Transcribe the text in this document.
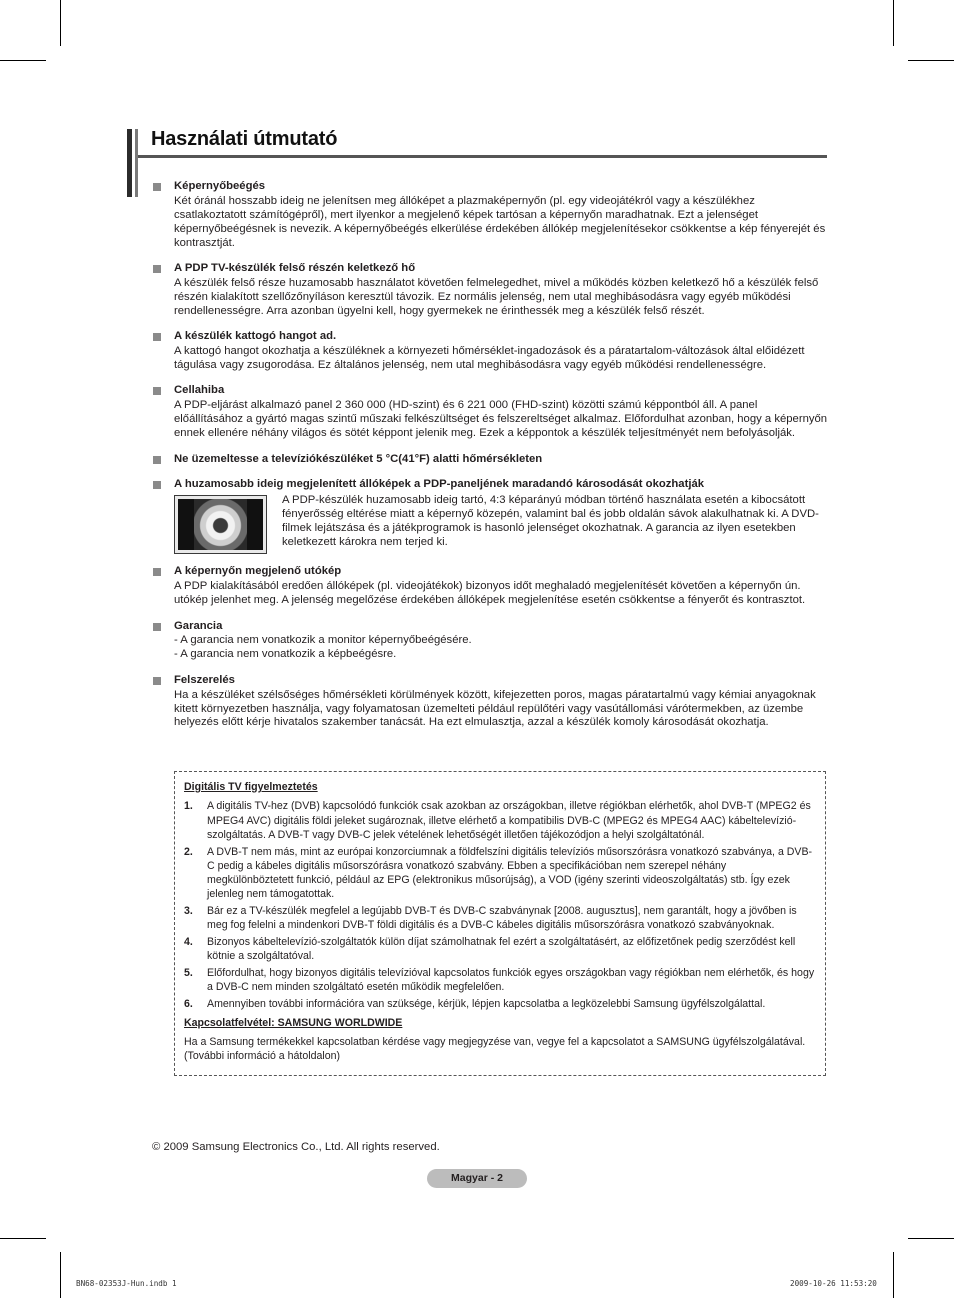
Használati útmutató
Képernyőbeégés
Két óránál hosszabb ideig ne jelenítsen meg állóképet a plazmaképernyőn (pl. egy videojátékról vagy a készülékhez csatlakoztatott számítógépről), mert ilyenkor a megjelenő képek tartósan a képernyőn maradhatnak. Ezt a jelenséget képernyőbeégésnek is nevezik. A képernyőbeégés elkerülése érdekében állókép megjelenítésekor csökkentse a kép fényerejét és kontrasztját.
A PDP TV-készülék felső részén keletkező hő
A készülék felső része huzamosabb használatot követően felmelegedhet, mivel a működés közben keletkező hő a készülék felső részén kialakított szellőzőnyíláson keresztül távozik. Ez normális jelenség, nem utal meghibásodásra vagy egyéb működési rendellenességre. Arra azonban ügyelni kell, hogy gyermekek ne érinthessék meg a készülék felső részét.
A készülék kattogó hangot ad.
A kattogó hangot okozhatja a készüléknek a környezeti hőmérséklet-ingadozások és a páratartalom-változások által előidézett tágulása vagy zsugorodása. Ez általános jelenség, nem utal meghibásodásra vagy egyéb működési rendellenességre.
Cellahiba
A PDP-eljárást alkalmazó panel 2 360 000 (HD-szint) és 6 221 000 (FHD-szint) közötti számú képpontból áll. A panel előállításához a gyártó magas szintű műszaki felkészültséget és felszereltséget alkalmaz. Előfordulhat azonban, hogy a képernyőn ennek ellenére néhány világos és sötét képpont jelenik meg. Ezek a képpontok a készülék teljesítményét nem befolyásolják.
Ne üzemeltesse a televíziókészüléket 5 °C(41°F) alatti hőmérsékleten
A huzamosabb ideig megjelenített állóképek a PDP-paneljének maradandó károsodását okozhatják
A PDP-készülék huzamosabb ideig tartó, 4:3 képarányú módban történő használata esetén a kibocsátott fényerősség eltérése miatt a képernyő közepén, valamint bal és jobb oldalán sávok alakulhatnak ki. A DVD-filmek lejátszása és a játékprogramok is hasonló jelenséget okozhatnak. A garancia az ilyen esetekben keletkezett károkra nem terjed ki.
A képernyőn megjelenő utókép
A PDP kialakításából eredően állóképek (pl. videojátékok) bizonyos időt meghaladó megjelenítését követően a képernyőn ún. utókép jelenhet meg. A jelenség megelőzése érdekében állóképek megjelenítése esetén csökkentse a fényerőt és kontrasztot.
Garancia
- A garancia nem vonatkozik a monitor képernyőbeégésére.
- A garancia nem vonatkozik a képbeégésre.
Felszerelés
Ha a készüléket szélsőséges hőmérsékleti körülmények között, kifejezetten poros, magas páratartalmú vagy kémiai anyagoknak kitett környezetben használja, vagy folyamatosan üzemelteti például repülőtéri vagy vasútállomási várótermekben, az üzembe helyezés előtt kérje hivatalos szakember tanácsát. Ha ezt elmulasztja, azzal a készülék komoly károsodását okozhatja.
Digitális TV figyelmeztetés
1. A digitális TV-hez (DVB) kapcsolódó funkciók csak azokban az országokban, illetve régiókban elérhetők, ahol DVB-T (MPEG2 és MPEG4 AVC) digitális földi jeleket sugároznak, illetve elérhető a kompatibilis DVB-C (MPEG2 és MPEG4 AAC) kábeltelevízió-szolgáltatás. A DVB-T vagy DVB-C jelek vételének lehetőségét illetően tájékozódjon a helyi szolgáltatónál.
2. A DVB-T nem más, mint az európai konzorciumnak a földfelszíni digitális televíziós műsorszórásra vonatkozó szabványa, a DVB-C pedig a kábeles digitális műsorszórásra vonatkozó szabvány. Ebben a specifikációban nem szerepel néhány megkülönböztetett funkció, például az EPG (elektronikus műsorújság), a VOD (igény szerinti videoszolgáltatás) stb. Így ezek jelenleg nem támogatottak.
3. Bár ez a TV-készülék megfelel a legújabb DVB-T és DVB-C szabványnak [2008. augusztus], nem garantált, hogy a jövőben is meg fog felelni a mindenkori DVB-T földi digitális és a DVB-C kábeles digitális műsorszórásra vonatkozó szabványoknak.
4. Bizonyos kábeltelevízió-szolgáltatók külön díjat számolhatnak fel ezért a szolgáltatásért, az előfizetőnek pedig szerződést kell kötnie a szolgáltatóval.
5. Előfordulhat, hogy bizonyos digitális televízióval kapcsolatos funkciók egyes országokban vagy régiókban nem elérhetők, és hogy a DVB-C nem minden szolgáltató esetén működik megfelelően.
6. Amennyiben további információra van szüksége, kérjük, lépjen kapcsolatba a legközelebbi Samsung ügyfélszolgálattal.
Kapcsolatfelvétel: SAMSUNG WORLDWIDE
Ha a Samsung termékekkel kapcsolatban kérdése vagy megjegyzése van, vegye fel a kapcsolatot a SAMSUNG ügyfélszolgálatával. (További információ a hátoldalon)
© 2009 Samsung Electronics Co., Ltd. All rights reserved.
Magyar - 2
BN68-02353J-Hun.indb 1	2009-10-26 11:53:20
